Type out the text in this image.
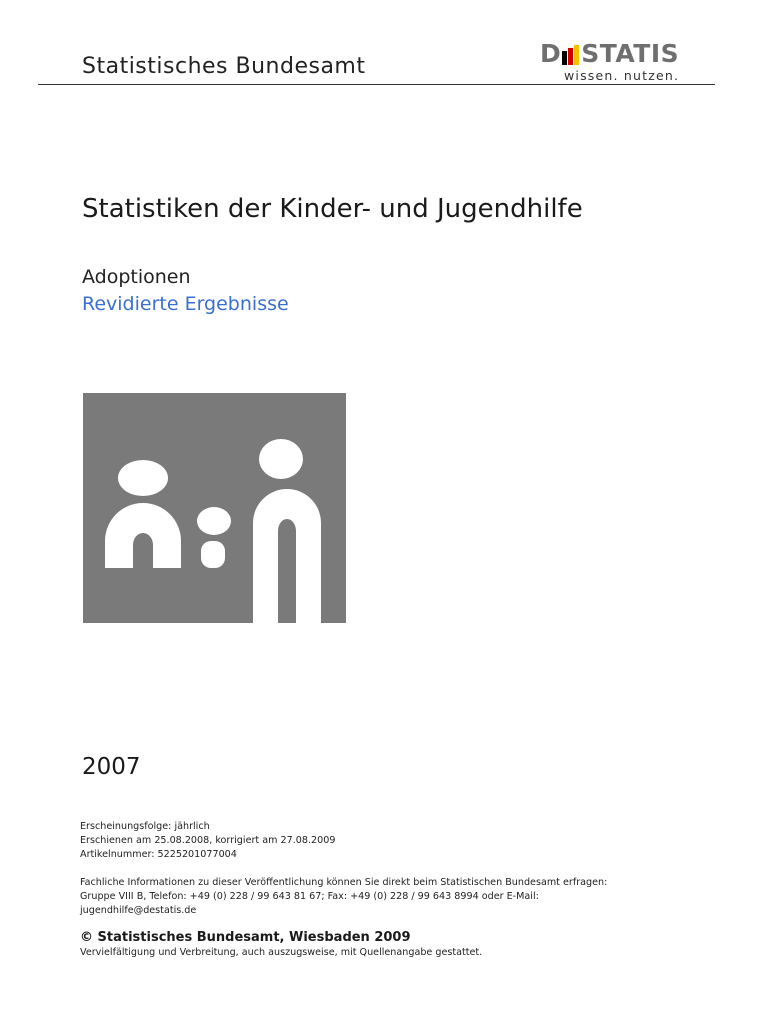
Statistisches Bundesamt	D STATIS
wissen. nutzen.
Statistiken der Kinder- und Jugendhilfe
Adoptionen
Revidierte Ergebnisse
2007
Erscheinungsfolge: jährlich
Erschienen am 25.08.2008, korrigiert am 27.08.2009
Artikelnummer: 5225201077004
Fachliche Informationen zu dieser Veröffentlichung können Sie direkt beim Statistischen Bundesamt erfragen:
Gruppe VIII B, Telefon: +49 (0) 228 / 99 643 81 67; Fax: +49 (0) 228 / 99 643 8994 oder E-Mail:
jugendhilfe@destatis.de
© Statistisches Bundesamt, Wiesbaden 2009
Vervielfältigung und Verbreitung, auch auszugsweise, mit Quellenangabe gestattet.
